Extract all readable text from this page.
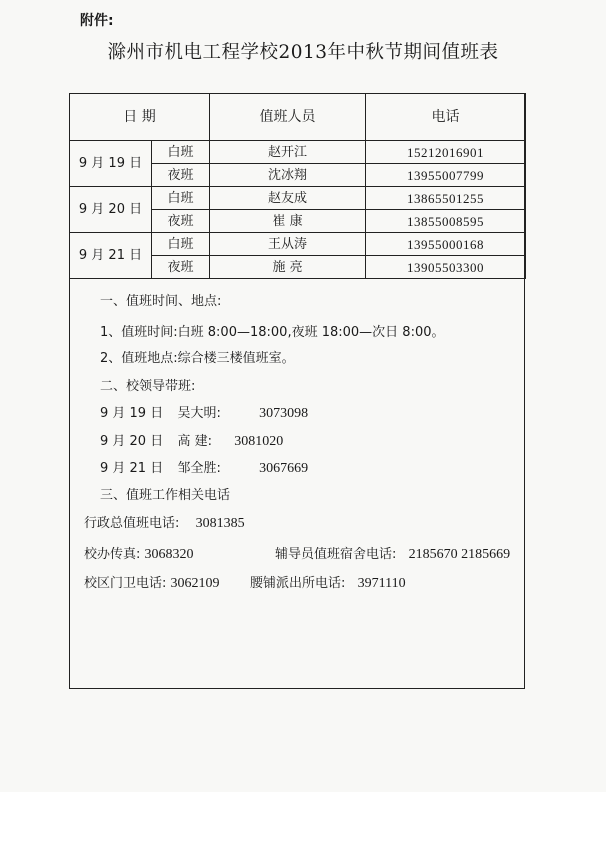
附件:
滁州市机电工程学校2013年中秋节期间值班表
日 期		值班人员	电话
9 月 19 日	白班	赵开江	15212016901
	夜班	沈冰翔	13955007799
9 月 20 日	白班	赵友成	13865501255
	夜班	崔 康	13855008595
9 月 21 日	白班	王从涛	13955000168
	夜班	施 亮	13905503300
一、值班时间、地点:
1、值班时间:白班 8:00—18:00,夜班 18:00—次日 8:00。
2、值班地点:综合楼三楼值班室。
二、校领导带班:
9 月 19 日 吴大明:	3073098
9 月 20 日 高 建: 3081020
9 月 21 日 邹全胜:	3067669
三、值班工作相关电话
行政总值班电话: 3081385
校办传真: 3068320	辅导员值班宿舍电话: 2185670 2185669
校区门卫电话: 3062109 腰铺派出所电话: 3971110
